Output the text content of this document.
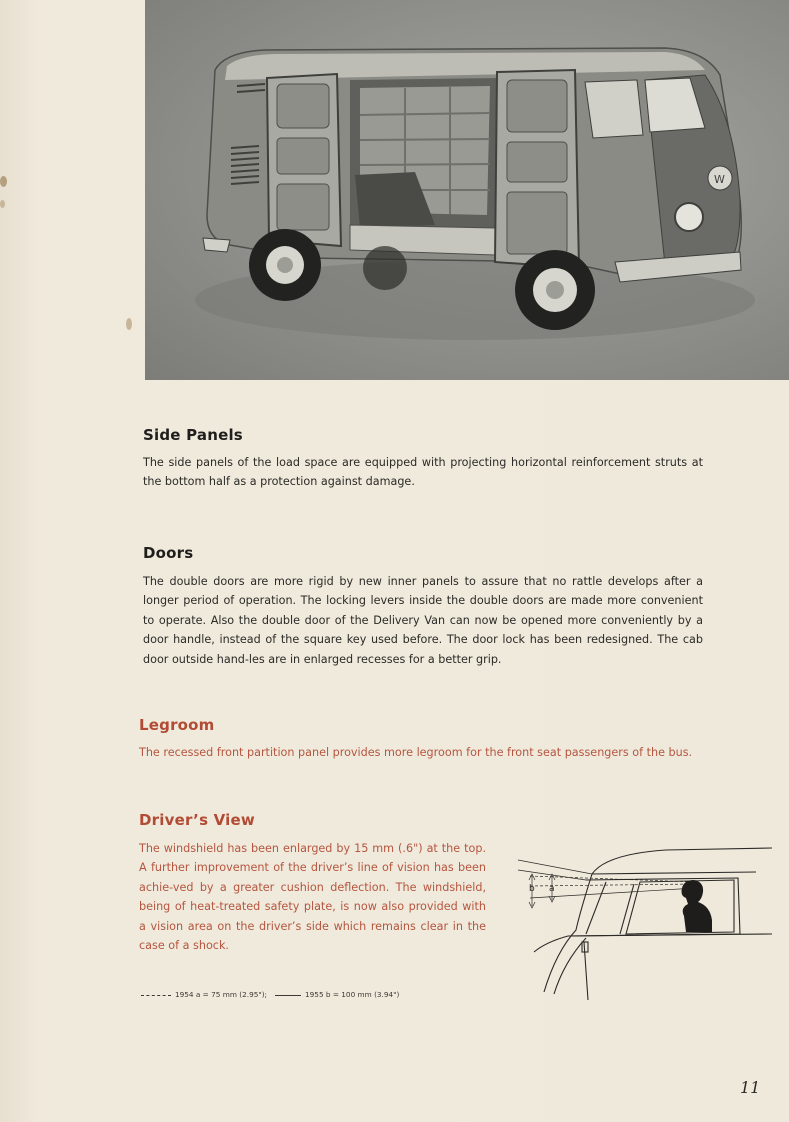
W
Side Panels

The side panels of the load space are equipped with projecting horizontal reinforcement struts at the bottom half as a protection against damage.

Doors

The double doors are more rigid by new inner panels to assure that no rattle develops after a longer period of operation. The locking levers inside the double doors are made more convenient to operate. Also the double door of the Delivery Van can now be opened more conveniently by a door handle, instead of the square key used before. The door lock has been redesigned. The cab door outside hand-les are in enlarged recesses for a better grip.

Legroom

The recessed front partition panel provides more legroom for the front seat passengers of the bus.

Driver’s View

The windshield has been enlarged by 15 mm (.6") at the top. A further improvement of the driver’s line of vision has been achie-ved by a greater cushion deflection. The windshield, being of heat-treated safety plate, is now also provided with a vision area on the driver’s side which remains clear in the case of a shock.

b a
1954 a = 75 mm (2.95");	1955 b = 100 mm (3.94")
11
